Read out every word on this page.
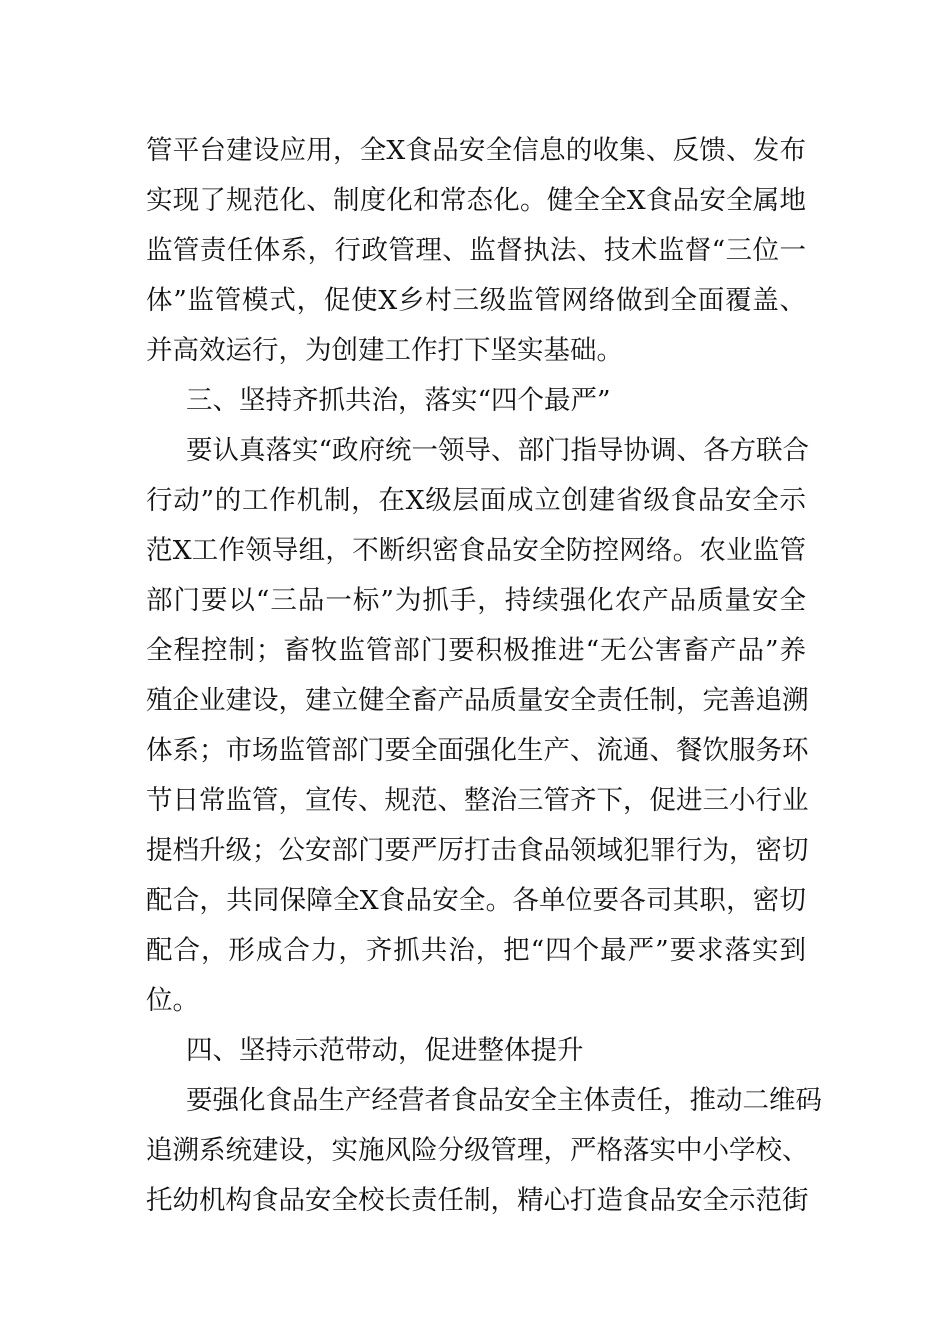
管平台建设应用，全X食品安全信息的收集、反馈、发布
实现了规范化、制度化和常态化。健全全X食品安全属地
监管责任体系，行政管理、监督执法、技术监督“三位一
体”监管模式，促使X乡村三级监管网络做到全面覆盖、
并高效运行，为创建工作打下坚实基础。
三、坚持齐抓共治，落实“四个最严”
要认真落实“政府统一领导、部门指导协调、各方联合
行动”的工作机制，在X级层面成立创建省级食品安全示
范X工作领导组，不断织密食品安全防控网络。农业监管
部门要以“三品一标”为抓手，持续强化农产品质量安全
全程控制；畜牧监管部门要积极推进“无公害畜产品”养
殖企业建设，建立健全畜产品质量安全责任制，完善追溯
体系；市场监管部门要全面强化生产、流通、餐饮服务环
节日常监管，宣传、规范、整治三管齐下，促进三小行业
提档升级；公安部门要严厉打击食品领域犯罪行为，密切
配合，共同保障全X食品安全。各单位要各司其职，密切
配合，形成合力，齐抓共治，把“四个最严”要求落实到
位。
四、坚持示范带动，促进整体提升
要强化食品生产经营者食品安全主体责任，推动二维码
追溯系统建设，实施风险分级管理，严格落实中小学校、
托幼机构食品安全校长责任制，精心打造食品安全示范街
